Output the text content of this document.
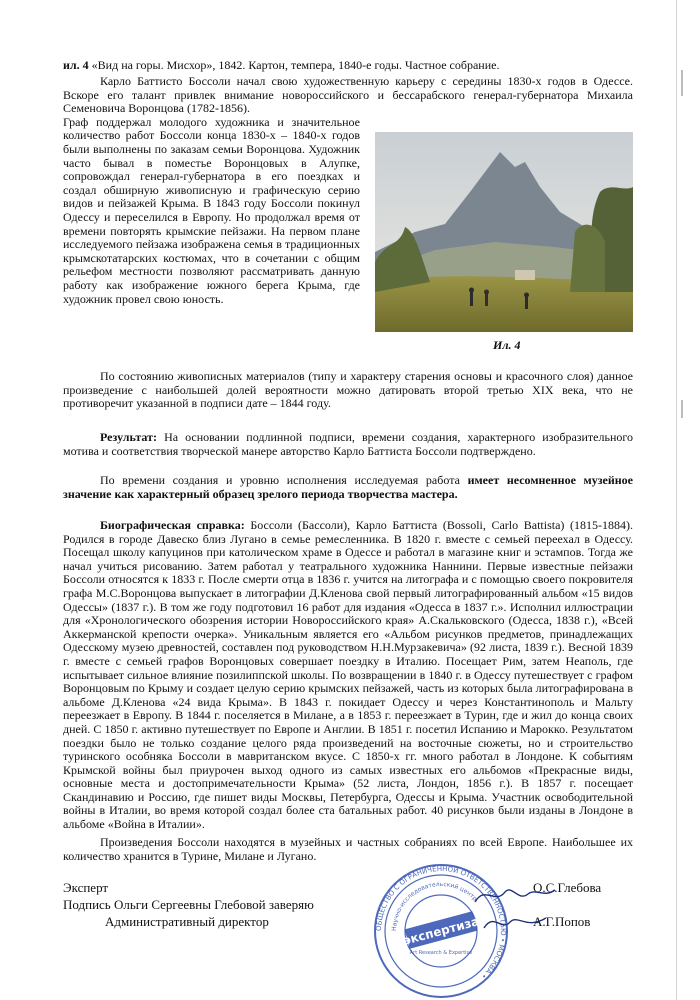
ил. 4 «Вид на горы. Мисхор», 1842. Картон, темпера, 1840-е годы. Частное собрание.

Карло Баттисто Боссоли начал свою художественную карьеру с середины 1830-х годов в Одессе. Вскоре его талант привлек внимание новороссийского и бессарабского генерал-губернатора Михаила Семеновича Воронцова (1782-1856).

Ил. 4

Граф поддержал молодого художника и значительное количество работ Боссоли конца 1830-х – 1840-х годов были выполнены по заказам семьи Воронцова. Художник часто бывал в поместье Воронцовых в Алупке, сопровождал генерал-губернатора в его поездках и создал обширную живописную и графическую серию видов и пейзажей Крыма. В 1843 году Боссоли покинул Одессу и переселился в Европу. Но продолжал время от времени повторять крымские пейзажи. На первом плане исследуемого пейзажа изображена семья в традиционных крымскотатарских костюмах, что в сочетании с общим рельефом местности позволяют рассматривать данную работу как изображение южного берега Крыма, где художник провел свою юность.

По состоянию живописных материалов (типу и характеру старения основы и красочного слоя) данное произведение с наибольшей долей вероятности можно датировать второй третью XIX века, что не противоречит указанной в подписи дате – 1844 году.

Результат: На основании подлинной подписи, времени создания, характерного изобразительного мотива и соответствия творческой манере авторство Карло Баттиста Боссоли подтверждено.

По времени создания и уровню исполнения исследуемая работа имеет несомненное музейное значение как характерный образец зрелого периода творчества мастера.

Биографическая справка: Боссоли (Бассоли), Карло Баттиста (Bossoli, Carlo Battista) (1815-1884). Родился в городе Давеско близ Лугано в семье ремесленника. В 1820 г. вместе с семьей переехал в Одессу. Посещал школу капуцинов при католическом храме в Одессе и работал в магазине книг и эстампов. Тогда же начал учиться рисованию. Затем работал у театрального художника Наннини. Первые известные пейзажи Боссоли относятся к 1833 г. После смерти отца в 1836 г. учится на литографа и с помощью своего покровителя графа М.С.Воронцова выпускает в литографии Д.Кленова свой первый литографированный альбом «15 видов Одессы» (1837 г.). В том же году подготовил 16 работ для издания «Одесса в 1837 г.». Исполнил иллюстрации для «Хронологического обозрения истории Новороссийского края» А.Скальковского (Одесса, 1838 г.), «Всей Аккерманской крепости очерка». Уникальным является его «Альбом рисунков предметов, принадлежащих Одесскому музею древностей, составлен под руководством Н.Н.Мурзакевича» (92 листа, 1839 г.). Весной 1839 г. вместе с семьей графов Воронцовых совершает поездку в Италию. Посещает Рим, затем Неаполь, где испытывает сильное влияние позилиппской школы. По возвращении в 1840 г. в Одессу путешествует с графом Воронцовым по Крыму и создает целую серию крымских пейзажей, часть из которых была литографирована в альбоме Д.Кленова «24 вида Крыма». В 1843 г. покидает Одессу и через Константинополь и Мальту переезжает в Европу. В 1844 г. поселяется в Милане, а в 1853 г. переезжает в Турин, где и жил до конца своих дней. С 1850 г. активно путешествует по Европе и Англии. В 1851 г. посетил Испанию и Марокко. Результатом поездки было не только создание целого ряда произведений на восточные сюжеты, но и строительство туринского особняка Боссоли в мавританском вкусе. С 1850-х гг. много работал в Лондоне. К событиям Крымской войны был приурочен выход одного из самых известных его альбомов «Прекрасные виды, основные места и достопримечательности Крыма» (52 листа, Лондон, 1856 г.). В 1857 г. посещает Скандинавию и Россию, где пишет виды Москвы, Петербурга, Одессы и Крыма. Участник освободительной войны в Италии, во время которой создал более ста батальных работ. 40 рисунков были изданы в Лондоне в альбоме «Война в Италии».

Произведения Боссоли находятся в музейных и частных собраниях по всей Европе. Наибольшее их количество хранится в Турине, Милане и Лугано.

Эксперт
Подпись Ольги Сергеевны Глебовой заверяю
Административный директор
О.С.Глебова
А.Г.Попов
ОБЩЕСТВО С ОГРАНИЧЕННОЙ ОТВЕТСТВЕННОСТЬЮ • МОСКВА •
Научно-исследовательский центр
экспертиза
Art Research & Expertise
